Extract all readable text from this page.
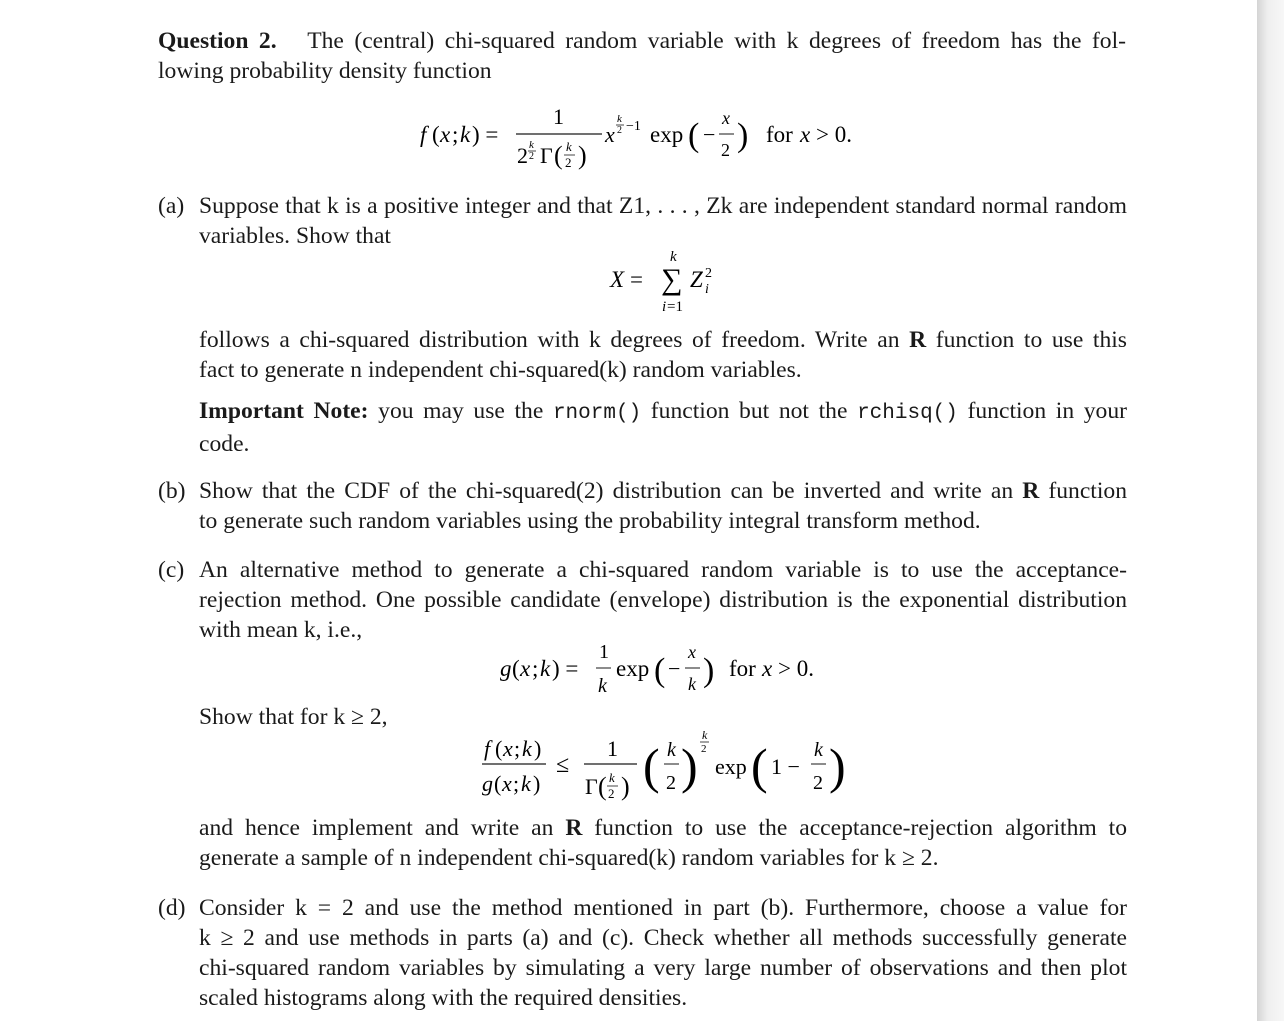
Question 2. The (central) chi-squared random variable with k degrees of freedom has the fol-
lowing probability density function
f ( x ; k ) =
1
2 k
2 Γ ( k
2 )
x
k
2 −1 exp ( −
x
2 ) for x > 0.
(a) Suppose that k is a positive integer and that Z1, . . . , Zk are independent standard normal random
variables. Show that
X =
k
∑
i =1
Z 2
i
follows a chi-squared distribution with k degrees of freedom. Write an R function to use this
fact to generate n independent chi-squared(k) random variables.
Important Note: you may use the rnorm() function but not the rchisq() function in your
code.
(b) Show that the CDF of the chi-squared(2) distribution can be inverted and write an R function
to generate such random variables using the probability integral transform method.
(c) An alternative method to generate a chi-squared random variable is to use the acceptance-
rejection method. One possible candidate (envelope) distribution is the exponential distribution
with mean k, i.e.,
g ( x ; k ) =
1
k
exp ( −
x
k ) for x > 0.
Show that for k ≥ 2,
f ( x ; k )
g ( x ; k )
≤
1
Γ ( k
2 ) ( k
2 )
k
2
exp ( 1 −
k
2 )
and hence implement and write an R function to use the acceptance-rejection algorithm to
generate a sample of n independent chi-squared(k) random variables for k ≥ 2.
(d) Consider k = 2 and use the method mentioned in part (b). Furthermore, choose a value for
k ≥ 2 and use methods in parts (a) and (c). Check whether all methods successfully generate
chi-squared random variables by simulating a very large number of observations and then plot
scaled histograms along with the required densities.
